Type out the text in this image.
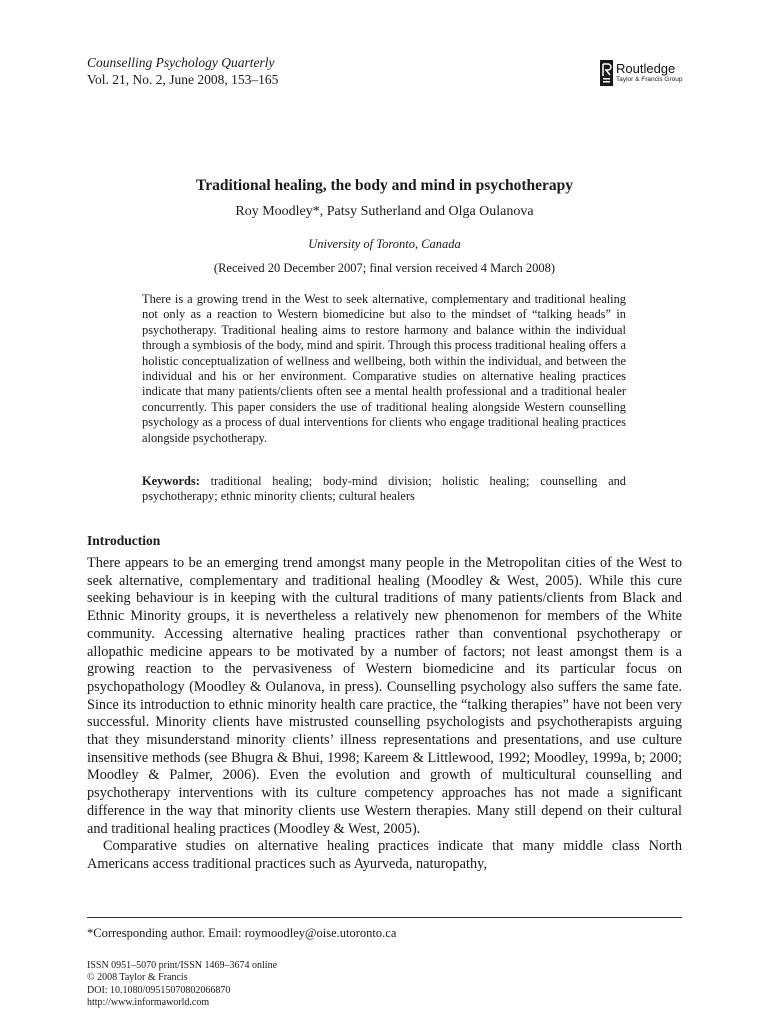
Counselling Psychology Quarterly
Vol. 21, No. 2, June 2008, 153–165
Routledge
Taylor & Francis Group
Traditional healing, the body and mind in psychotherapy
Roy Moodley*, Patsy Sutherland and Olga Oulanova
University of Toronto, Canada
(Received 20 December 2007; final version received 4 March 2008)
There is a growing trend in the West to seek alternative, complementary and traditional healing not only as a reaction to Western biomedicine but also to the mindset of “talking heads” in psychotherapy. Traditional healing aims to restore harmony and balance within the individual through a symbiosis of the body, mind and spirit. Through this process traditional healing offers a holistic conceptualization of wellness and wellbeing, both within the individual, and between the individual and his or her environment. Comparative studies on alternative healing practices indicate that many patients/clients often see a mental health professional and a traditional healer concurrently. This paper considers the use of traditional healing alongside Western counselling psychology as a process of dual interventions for clients who engage traditional healing practices alongside psychotherapy.
Keywords: traditional healing; body-mind division; holistic healing; counselling and psychotherapy; ethnic minority clients; cultural healers
Introduction

There appears to be an emerging trend amongst many people in the Metropolitan cities of the West to seek alternative, complementary and traditional healing (Moodley & West, 2005). While this cure seeking behaviour is in keeping with the cultural traditions of many patients/clients from Black and Ethnic Minority groups, it is nevertheless a relatively new phenomenon for members of the White community. Accessing alternative healing practices rather than conventional psychotherapy or allopathic medicine appears to be motivated by a number of factors; not least amongst them is a growing reaction to the pervasiveness of Western biomedicine and its particular focus on psychopathology (Moodley & Oulanova, in press). Counselling psychology also suffers the same fate. Since its introduction to ethnic minority health care practice, the “talking therapies” have not been very successful. Minority clients have mistrusted counselling psychologists and psychotherapists arguing that they misunderstand minority clients’ illness representations and presentations, and use culture insensitive methods (see Bhugra & Bhui, 1998; Kareem & Littlewood, 1992; Moodley, 1999a, b; 2000; Moodley & Palmer, 2006). Even the evolution and growth of multicultural counselling and psychotherapy interventions with its culture competency approaches has not made a significant difference in the way that minority clients use Western therapies. Many still depend on their cultural and traditional healing practices (Moodley & West, 2005).

Comparative studies on alternative healing practices indicate that many middle class North Americans access traditional practices such as Ayurveda, naturopathy,

*Corresponding author. Email: roymoodley@oise.utoronto.ca
ISSN 0951–5070 print/ISSN 1469–3674 online
© 2008 Taylor & Francis
DOI: 10.1080/09515070802066870
http://www.informaworld.com
